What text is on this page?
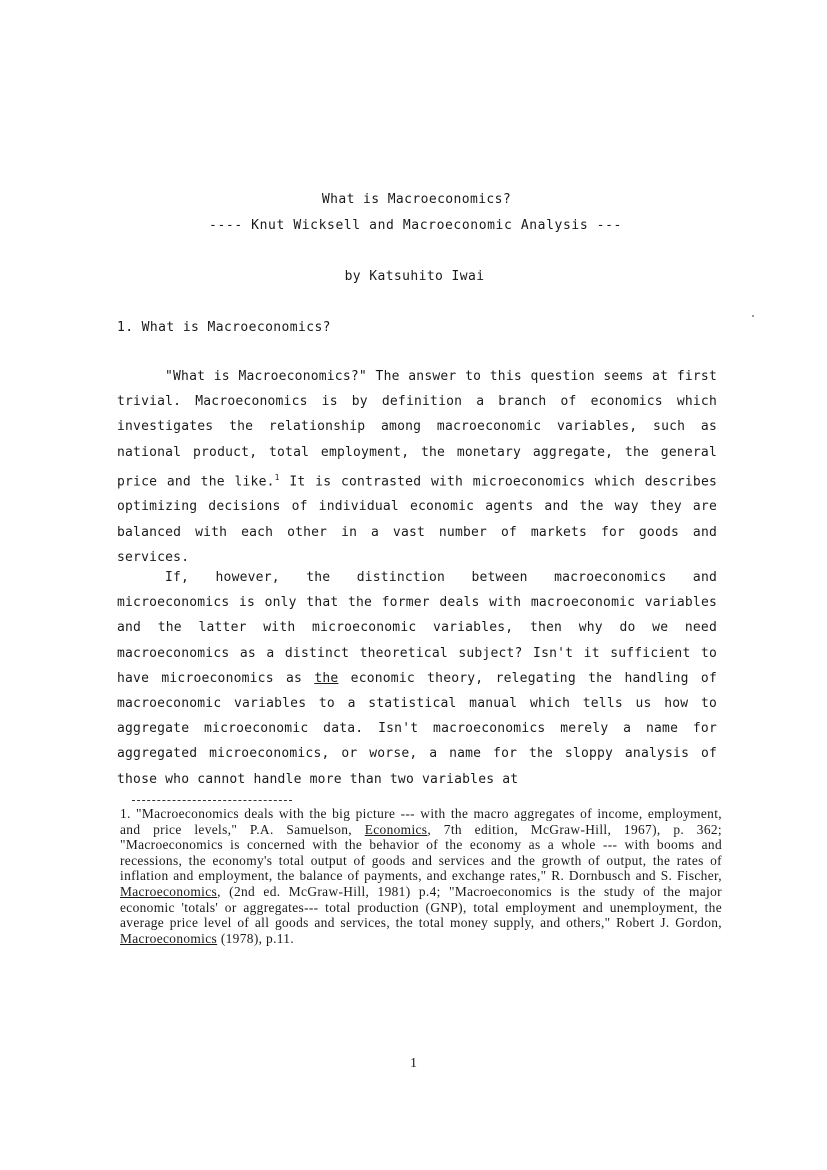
What is Macroeconomics?
---- Knut Wicksell and Macroeconomic Analysis ---
by Katsuhito Iwai
1. What is Macroeconomics?
"What is Macroeconomics?" The answer to this question seems at first trivial. Macroeconomics is by definition a branch of economics which investigates the relationship among macroeconomic variables, such as national product, total employment, the monetary aggregate, the general price and the like.$^1$ It is contrasted with microeconomics which describes optimizing decisions of individual economic agents and the way they are balanced with each other in a vast number of markets for goods and services.
If, however, the distinction between macroeconomics and microeconomics is only that the former deals with macroeconomic variables and the latter with microeconomic variables, then why do we need macroeconomics as a distinct theoretical subject? Isn't it sufficient to have microeconomics as the economic theory, relegating the handling of macroeconomic variables to a statistical manual which tells us how to aggregate microeconomic data. Isn't macroeconomics merely a name for aggregated microeconomics, or worse, a name for the sloppy analysis of those who cannot handle more than two variables at
1. "Macroeconomics deals with the big picture --- with the macro aggregates of income, employment, and price levels," P.A. Samuelson, Economics, 7th edition, McGraw-Hill, 1967), p. 362; "Macroeconomics is concerned with the behavior of the economy as a whole --- with booms and recessions, the economy's total output of goods and services and the growth of output, the rates of inflation and employment, the balance of payments, and exchange rates," R. Dornbusch and S. Fischer, Macroeconomics, (2nd ed. McGraw-Hill, 1981) p.4; "Macroeconomics is the study of the major economic 'totals' or aggregates--- total production (GNP), total employment and unemployment, the average price level of all goods and services, the total money supply, and others," Robert J. Gordon, Macroeconomics (1978), p.11.
1
